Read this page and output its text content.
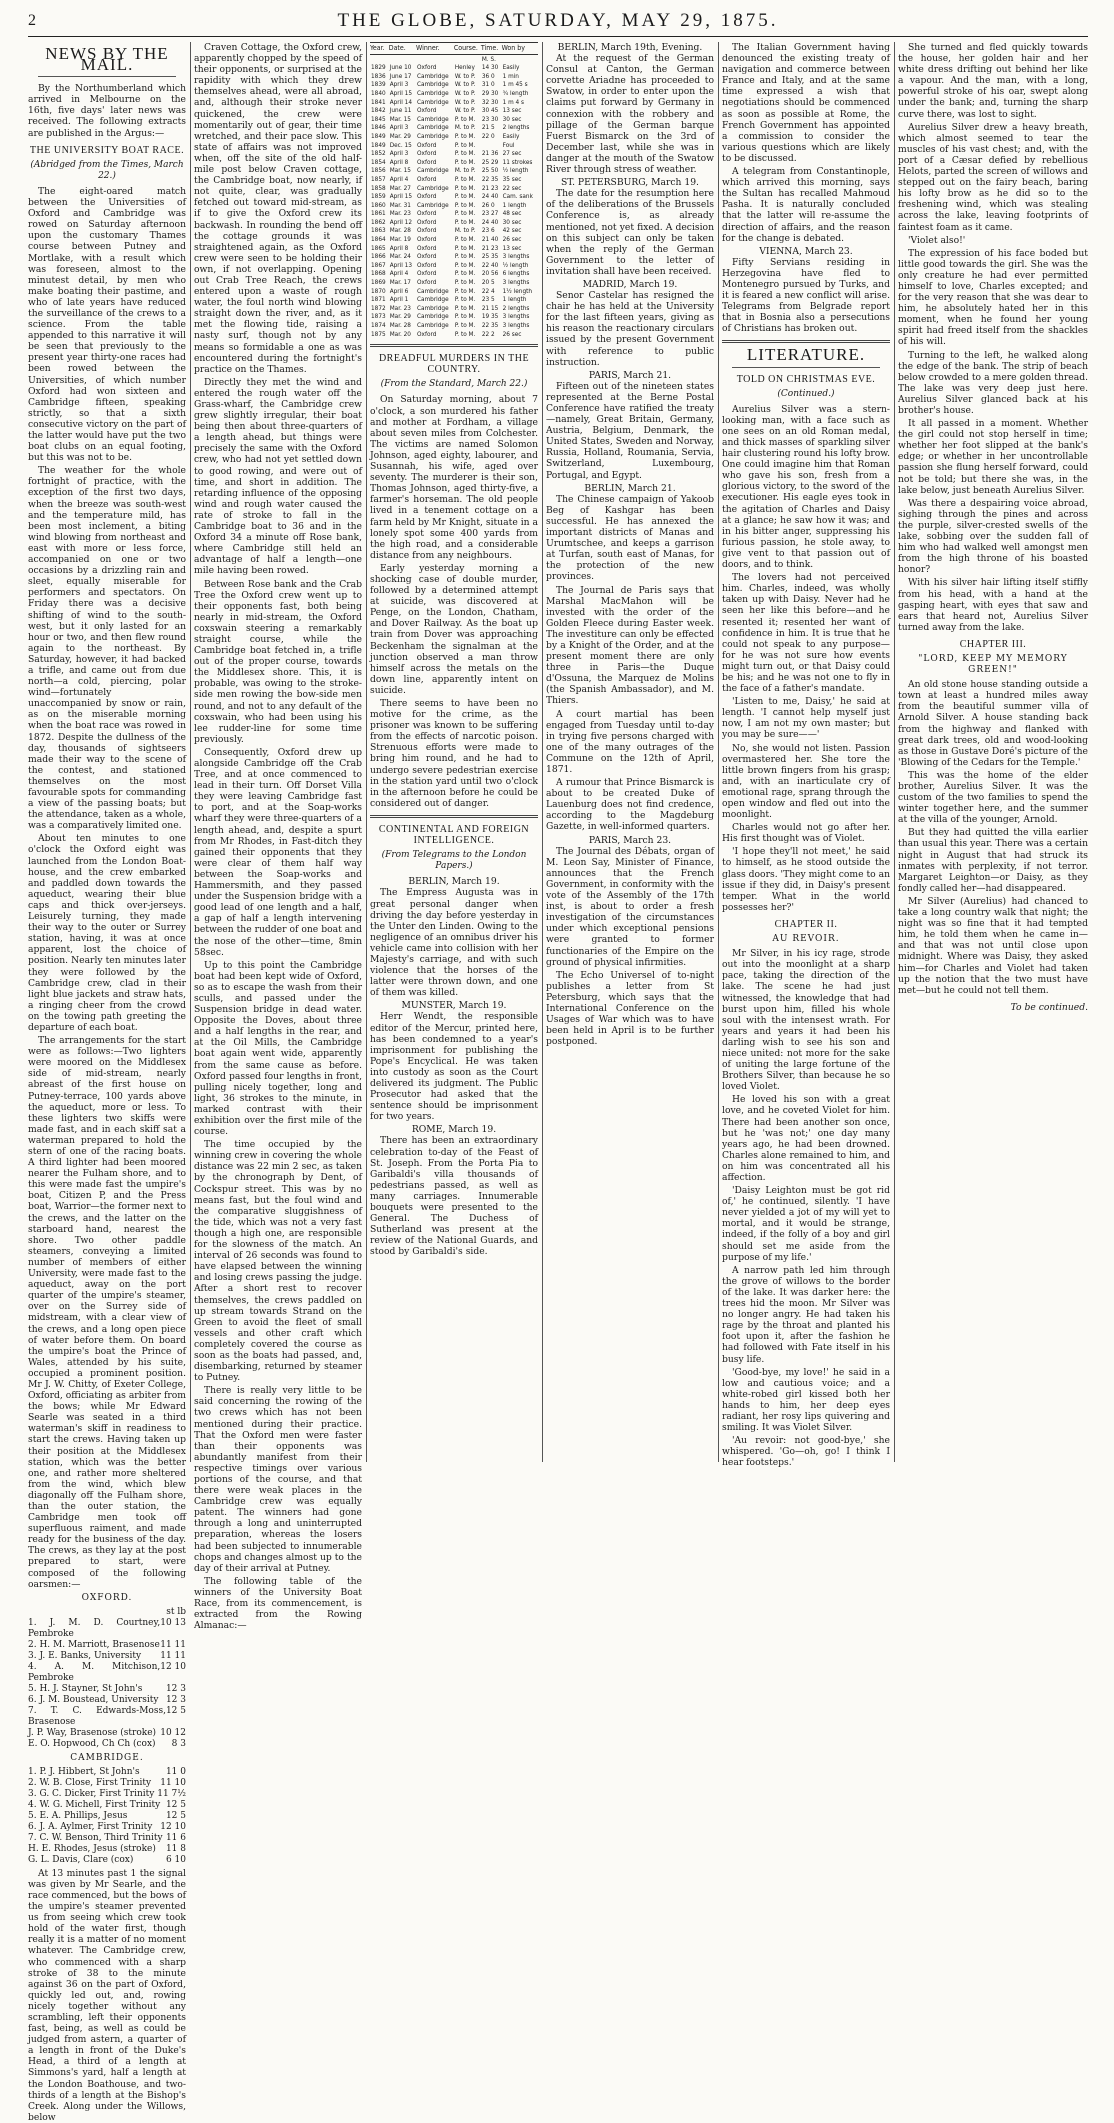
2	THE GLOBE, SATURDAY, MAY 29, 1875.
NEWS BY THE MAIL.

By the Northumberland which arrived in Melbourne on the 16th, five days' later news was received. The following extracts are published in the Argus:—

THE UNIVERSITY BOAT RACE.
(Abridged from the Times, March 22.)

The eight-oared match between the Universities of Oxford and Cambridge was rowed on Saturday afternoon upon the customary Thames course between Putney and Mortlake, with a result which was foreseen, almost to the minutest detail, by men who make boating their pastime, and who of late years have reduced the surveillance of the crews to a science. From the table appended to this narrative it will be seen that previously to the present year thirty-one races had been rowed between the Universities, of which number Oxford had won sixteen and Cambridge fifteen, speaking strictly, so that a sixth consecutive victory on the part of the latter would have put the two boat clubs on an equal footing, but this was not to be.

The weather for the whole fortnight of practice, with the exception of the first two days, when the breeze was south-west and the temperature mild, has been most inclement, a biting wind blowing from northeast and east with more or less force, accompanied on one or two occasions by a drizzling rain and sleet, equally miserable for performers and spectators. On Friday there was a decisive shifting of wind to the south-west, but it only lasted for an hour or two, and then flew round again to the northeast. By Saturday, however, it had backed a trifle, and came out from due north—a cold, piercing, polar wind—fortunately unaccompanied by snow or rain, as on the miserable morning when the boat race was rowed in 1872. Despite the dullness of the day, thousands of sightseers made their way to the scene of the contest, and stationed themselves on the most favourable spots for commanding a view of the passing boats; but the attendance, taken as a whole, was a comparatively limited one.

About ten minutes to one o'clock the Oxford eight was launched from the London Boat-house, and the crew embarked and paddled down towards the aqueduct, wearing their blue caps and thick over-jerseys. Leisurely turning, they made their way to the outer or Surrey station, having, it was at once apparent, lost the choice of position. Nearly ten minutes later they were followed by the Cambridge crew, clad in their light blue jackets and straw hats, a ringing cheer from the crowd on the towing path greeting the departure of each boat.

The arrangements for the start were as follows:—Two lighters were moored on the Middlesex side of mid-stream, nearly abreast of the first house on Putney-terrace, 100 yards above the aqueduct, more or less. To these lighters two skiffs were made fast, and in each skiff sat a waterman prepared to hold the stern of one of the racing boats. A third lighter had been moored nearer the Fulham shore, and to this were made fast the umpire's boat, Citizen P, and the Press boat, Warrior—the former next to the crews, and the latter on the starboard hand, nearest the shore. Two other paddle steamers, conveying a limited number of members of either University, were made fast to the aqueduct, away on the port quarter of the umpire's steamer, over on the Surrey side of midstream, with a clear view of the crews, and a long open piece of water before them. On board the umpire's boat the Prince of Wales, attended by his suite, occupied a prominent position. Mr J. W. Chitty, of Exeter College, Oxford, officiating as arbiter from the bows; while Mr Edward Searle was seated in a third waterman's skiff in readiness to start the crews. Having taken up their position at the Middlesex station, which was the better one, and rather more sheltered from the wind, which blew diagonally off the Fulham shore, than the outer station, the Cambridge men took off superfluous raiment, and made ready for the business of the day. The crews, as they lay at the post prepared to start, were composed of the following oarsmen:—

OXFORD.
st lb
1. J. M. D. Courtney, Pembroke
10 13
2. H. M. Marriott, Brasenose 11 11
3. J. E. Banks, University 11 11
4. A. M. Mitchison, Pembroke
12 10
5. H. J. Stayner, St John's	12 3
6. J. M. Boustead, University 12 3
7. T. C. Edwards-Moss, Brasenose
12 5
J. P. Way, Brasenose (stroke) 10 12
E. O. Hopwood, Ch Ch (cox) 8 3
CAMBRIDGE.
1. P. J. Hibbert, St John's	11 0
2. W. B. Close, First Trinity 11 10
3. G. C. Dicker, First Trinity 11 7½
4. W. G. Michell, First Trinity 12 5
5. E. A. Phillips, Jesus	12 5
6. J. A. Aylmer, First Trinity 12 10
7. C. W. Benson, Third Trinity 11 6
H. E. Rhodes, Jesus (stroke) 11 8
G. L. Davis, Clare (cox)	6 10

At 13 minutes past 1 the signal was given by Mr Searle, and the race commenced, but the bows of the umpire's steamer prevented us from seeing which crew took hold of the water first, though really it is a matter of no moment whatever. The Cambridge crew, who commenced with a sharp stroke of 38 to the minute against 36 on the part of Oxford, quickly led out, and, rowing nicely together without any scrambling, left their opponents fast, being, as well as could be judged from astern, a quarter of a length in front of the Duke's Head, a third of a length at Simmons's yard, half a length at the London Boathouse, and two-thirds of a length at the Bishop's Creek. Along under the Willows, below

Craven Cottage, the Oxford crew, apparently chopped by the speed of their opponents, or surprised at the rapidity with which they drew themselves ahead, were all abroad, and, although their stroke never quickened, the crew were momentarily out of gear, their time wretched, and their pace slow. This state of affairs was not improved when, off the site of the old half-mile post below Craven cottage, the Cambridge boat, now nearly, if not quite, clear, was gradually fetched out toward mid-stream, as if to give the Oxford crew its backwash. In rounding the bend off the cottage grounds it was straightened again, as the Oxford crew were seen to be holding their own, if not overlapping. Opening out Crab Tree Reach, the crews entered upon a waste of rough water, the foul north wind blowing straight down the river, and, as it met the flowing tide, raising a nasty surf, though not by any means so formidable a one as was encountered during the fortnight's practice on the Thames.

Directly they met the wind and entered the rough water off the Grass-wharf, the Cambridge crew grew slightly irregular, their boat being then about three-quarters of a length ahead, but things were precisely the same with the Oxford crew, who had not yet settled down to good rowing, and were out of time, and short in addition. The retarding influence of the opposing wind and rough water caused the rate of stroke to fall in the Cambridge boat to 36 and in the Oxford 34 a minute off Rose bank, where Cambridge still held an advantage of half a length—one mile having been rowed.

Between Rose bank and the Crab Tree the Oxford crew went up to their opponents fast, both being nearly in mid-stream, the Oxford coxswain steering a remarkably straight course, while the Cambridge boat fetched in, a trifle out of the proper course, towards the Middlesex shore. This, it is probable, was owing to the stroke-side men rowing the bow-side men round, and not to any default of the coxswain, who had been using his lee rudder-line for some time previously.

Consequently, Oxford drew up alongside Cambridge off the Crab Tree, and at once commenced to lead in their turn. Off Dorset Villa they were leaving Cambridge fast to port, and at the Soap-works wharf they were three-quarters of a length ahead, and, despite a spurt from Mr Rhodes, in Fast-ditch they gained their opponents that they were clear of them half way between the Soap-works and Hammersmith, and they passed under the Suspension bridge with a good lead of one length and a half, a gap of half a length intervening between the rudder of one boat and the nose of the other—time, 8min 58sec.

Up to this point the Cambridge boat had been kept wide of Oxford, so as to escape the wash from their sculls, and passed under the Suspension bridge in dead water. Opposite the Doves, about three and a half lengths in the rear, and at the Oil Mills, the Cambridge boat again went wide, apparently from the same cause as before. Oxford passed four lengths in front, pulling nicely together, long and light, 36 strokes to the minute, in marked contrast with their exhibition over the first mile of the course.

The time occupied by the winning crew in covering the whole distance was 22 min 2 sec, as taken by the chronograph by Dent, of Cockspur street. This was by no means fast, but the foul wind and the comparative sluggishness of the tide, which was not a very fast though a high one, are responsible for the slowness of the match. An interval of 26 seconds was found to have elapsed between the winning and losing crews passing the judge. After a short rest to recover themselves, the crews paddled on up stream towards Strand on the Green to avoid the fleet of small vessels and other craft which completely covered the course as soon as the boats had passed, and, disembarking, returned by steamer to Putney.

There is really very little to be said concerning the rowing of the two crews which has not been mentioned during their practice. That the Oxford men were faster than their opponents was abundantly manifest from their respective timings over various portions of the course, and that there were weak places in the Cambridge crew was equally patent. The winners had gone through a long and uninterrupted preparation, whereas the losers had been subjected to innumerable chops and changes almost up to the day of their arrival at Putney.

The following table of the winners of the University Boat Race, from its commencement, is extracted from the Rowing Almanac:—

Year.	Date.	Winner.	Course.	Time.	Won by
				M. S.	
1829	June 10	Oxford	Henley	14 30	Easily
1836	June 17	Cambridge	W. to P.	36 0	1 min
1839	April 3	Cambridge	W. to P.	31 0	1 m 45 s
1840	April 15	Cambridge	W. to P.	29 30	¾ length
1841	April 14	Cambridge	W. to P.	32 30	1 m 4 s
1842	June 11	Oxford	W. to P.	30 45	13 sec
1845	Mar. 15	Cambridge	P. to M.	23 30	30 sec
1846	April 3	Cambridge	M. to P.	21 5	2 lengths
1849	Mar. 29	Cambridge	P. to M.	22 0	Easily
1849	Dec. 15	Oxford	P. to M.		Foul
1852	April 3	Oxford	P. to M.	21 36	27 sec
1854	April 8	Oxford	P. to M.	25 29	11 strokes
1856	Mar. 15	Cambridge	M. to P.	25 50	½ length
1857	April 4	Oxford	P. to M.	22 35	35 sec
1858	Mar. 27	Cambridge	P. to M.	21 23	22 sec
1859	April 15	Oxford	P. to M.	24 40	Cam. sank
1860	Mar. 31	Cambridge	P. to M.	26 0	1 length
1861	Mar. 23	Oxford	P. to M.	23 27	48 sec
1862	April 12	Oxford	P. to M.	24 40	30 sec
1863	Mar. 28	Oxford	M. to P.	23 6	42 sec
1864	Mar. 19	Oxford	P. to M.	21 40	26 sec
1865	April 8	Oxford	P. to M.	21 23	13 sec
1866	Mar. 24	Oxford	P. to M.	25 35	3 lengths
1867	April 13	Oxford	P. to M.	22 40	½ length
1868	April 4	Oxford	P. to M.	20 56	6 lengths
1869	Mar. 17	Oxford	P. to M.	20 5	3 lengths
1870	April 6	Cambridge	P. to M.	22 4	1½ length
1871	April 1	Cambridge	P. to M.	23 5	1 length
1872	Mar. 23	Cambridge	P. to M.	21 15	2 lengths
1873	Mar. 29	Cambridge	P. to M.	19 35	3 lengths
1874	Mar. 28	Cambridge	P. to M.	22 35	3 lengths
1875	Mar. 20	Oxford	P. to M.	22 2	26 sec
DREADFUL MURDERS IN THE COUNTRY.
(From the Standard, March 22.)

On Saturday morning, about 7 o'clock, a son murdered his father and mother at Fordham, a village about seven miles from Colchester. The victims are named Solomon Johnson, aged eighty, labourer, and Susannah, his wife, aged over seventy. The murderer is their son, Thomas Johnson, aged thirty-five, a farmer's horseman. The old people lived in a tenement cottage on a farm held by Mr Knight, situate in a lonely spot some 400 yards from the high road, and a considerable distance from any neighbours.

Early yesterday morning a shocking case of double murder, followed by a determined attempt at suicide, was discovered at Penge, on the London, Chatham, and Dover Railway. As the boat up train from Dover was approaching Beckenham the signalman at the junction observed a man throw himself across the metals on the down line, apparently intent on suicide.

There seems to have been no motive for the crime, as the prisoner was known to be suffering from the effects of narcotic poison. Strenuous efforts were made to bring him round, and he had to undergo severe pedestrian exercise in the station yard until two o'clock in the afternoon before he could be considered out of danger.

CONTINENTAL AND FOREIGN INTELLIGENCE.
(From Telegrams to the London Papers.)
BERLIN, March 19.

The Empress Augusta was in great personal danger when driving the day before yesterday in the Unter den Linden. Owing to the negligence of an omnibus driver his vehicle came into collision with her Majesty's carriage, and with such violence that the horses of the latter were thrown down, and one of them was killed.

MUNSTER, March 19.

Herr Wendt, the responsible editor of the Mercur, printed here, has been condemned to a year's imprisonment for publishing the Pope's Encyclical. He was taken into custody as soon as the Court delivered its judgment. The Public Prosecutor had asked that the sentence should be imprisonment for two years.

ROME, March 19.

There has been an extraordinary celebration to-day of the Feast of St. Joseph. From the Porta Pia to Garibaldi's villa thousands of pedestrians passed, as well as many carriages. Innumerable bouquets were presented to the General. The Duchess of Sutherland was present at the review of the National Guards, and stood by Garibaldi's side.

BERLIN, March 19th, Evening.

At the request of the German Consul at Canton, the German corvette Ariadne has proceeded to Swatow, in order to enter upon the claims put forward by Germany in connexion with the robbery and pillage of the German barque Fuerst Bismarck on the 3rd of December last, while she was in danger at the mouth of the Swatow River through stress of weather.

ST. PETERSBURG, March 19.

The date for the resumption here of the deliberations of the Brussels Conference is, as already mentioned, not yet fixed. A decision on this subject can only be taken when the reply of the German Government to the letter of invitation shall have been received.

MADRID, March 19.

Senor Castelar has resigned the chair he has held at the University for the last fifteen years, giving as his reason the reactionary circulars issued by the present Government with reference to public instruction.

PARIS, March 21.

Fifteen out of the nineteen states represented at the Berne Postal Conference have ratified the treaty—namely, Great Britain, Germany, Austria, Belgium, Denmark, the United States, Sweden and Norway, Russia, Holland, Roumania, Servia, Switzerland, Luxembourg, Portugal, and Egypt.

BERLIN, March 21.

The Chinese campaign of Yakoob Beg of Kashgar has been successful. He has annexed the important districts of Manas and Urumtschee, and keeps a garrison at Turfan, south east of Manas, for the protection of the new provinces.

The Journal de Paris says that Marshal MacMahon will be invested with the order of the Golden Fleece during Easter week. The investiture can only be effected by a Knight of the Order, and at the present moment there are only three in Paris—the Duque d'Ossuna, the Marquez de Molins (the Spanish Ambassador), and M. Thiers.

A court martial has been engaged from Tuesday until to-day in trying five persons charged with one of the many outrages of the Commune on the 12th of April, 1871.

A rumour that Prince Bismarck is about to be created Duke of Lauenburg does not find credence, according to the Magdeburg Gazette, in well-informed quarters.

PARIS, March 23.

The Journal des Débats, organ of M. Leon Say, Minister of Finance, announces that the French Government, in conformity with the vote of the Assembly of the 17th inst, is about to order a fresh investigation of the circumstances under which exceptional pensions were granted to former functionaries of the Empire on the ground of physical infirmities.

The Echo Universel of to-night publishes a letter from St Petersburg, which says that the International Conference on the Usages of War which was to have been held in April is to be further postponed.

The Italian Government having denounced the existing treaty of navigation and commerce between France and Italy, and at the same time expressed a wish that negotiations should be commenced as soon as possible at Rome, the French Government has appointed a commission to consider the various questions which are likely to be discussed.

A telegram from Constantinople, which arrived this morning, says the Sultan has recalled Mahmoud Pasha. It is naturally concluded that the latter will re-assume the direction of affairs, and the reason for the change is debated.

VIENNA, March 23.

Fifty Servians residing in Herzegovina have fled to Montenegro pursued by Turks, and it is feared a new conflict will arise. Telegrams from Belgrade report that in Bosnia also a persecutions of Christians has broken out.

LITERATURE.
TOLD ON CHRISTMAS EVE.
(Continued.)

Aurelius Silver was a stern-looking man, with a face such as one sees on an old Roman medal, and thick masses of sparkling silver hair clustering round his lofty brow. One could imagine him that Roman who gave his son, fresh from a glorious victory, to the sword of the executioner. His eagle eyes took in the agitation of Charles and Daisy at a glance; he saw how it was; and in his bitter anger, suppressing his furious passion, he stole away, to give vent to that passion out of doors, and to think.

The lovers had not perceived him. Charles, indeed, was wholly taken up with Daisy. Never had he seen her like this before—and he resented it; resented her want of confidence in him. It is true that he could not speak to any purpose—for he was not sure how events might turn out, or that Daisy could be his; and he was not one to fly in the face of a father's mandate.

'Listen to me, Daisy,' he said at length. 'I cannot help myself just now, I am not my own master; but you may be sure——'

No, she would not listen. Passion overmastered her. She tore the little brown fingers from his grasp; and, with an inarticulate cry of emotional rage, sprang through the open window and fled out into the moonlight.

Charles would not go after her. His first thought was of Violet.

'I hope they'll not meet,' he said to himself, as he stood outside the glass doors. 'They might come to an issue if they did, in Daisy's present temper. What in the world possesses her?'

CHAPTER II.
AU REVOIR.

Mr Silver, in his icy rage, strode out into the moonlight at a sharp pace, taking the direction of the lake. The scene he had just witnessed, the knowledge that had burst upon him, filled his whole soul with the intensest wrath. For years and years it had been his darling wish to see his son and niece united: not more for the sake of uniting the large fortune of the Brothers Silver, than because he so loved Violet.

He loved his son with a great love, and he coveted Violet for him. There had been another son once, but he 'was not;' one day many years ago, he had been drowned. Charles alone remained to him, and on him was concentrated all his affection.

'Daisy Leighton must be got rid of,' he continued, silently. 'I have never yielded a jot of my will yet to mortal, and it would be strange, indeed, if the folly of a boy and girl should set me aside from the purpose of my life.'

A narrow path led him through the grove of willows to the border of the lake. It was darker here: the trees hid the moon. Mr Silver was no longer angry. He had taken his rage by the throat and planted his foot upon it, after the fashion he had followed with Fate itself in his busy life.

'Good-bye, my love!' he said in a low and cautious voice; and a white-robed girl kissed both her hands to him, her deep eyes radiant, her rosy lips quivering and smiling. It was Violet Silver.

'Au revoir: not good-bye,' she whispered. 'Go—oh, go! I think I hear footsteps.'

She turned and fled quickly towards the house, her golden hair and her white dress drifting out behind her like a vapour. And the man, with a long, powerful stroke of his oar, swept along under the bank; and, turning the sharp curve there, was lost to sight.

Aurelius Silver drew a heavy breath, which almost seemed to tear the muscles of his vast chest; and, with the port of a Cæsar defied by rebellious Helots, parted the screen of willows and stepped out on the fairy beach, baring his lofty brow as he did so to the freshening wind, which was stealing across the lake, leaving footprints of faintest foam as it came.

'Violet also!'

The expression of his face boded but little good towards the girl. She was the only creature he had ever permitted himself to love, Charles excepted; and for the very reason that she was dear to him, he absolutely hated her in this moment, when he found her young spirit had freed itself from the shackles of his will.

Turning to the left, he walked along the edge of the bank. The strip of beach below crowded to a mere golden thread. The lake was very deep just here. Aurelius Silver glanced back at his brother's house.

It all passed in a moment. Whether the girl could not stop herself in time; whether her foot slipped at the bank's edge; or whether in her uncontrollable passion she flung herself forward, could not be told; but there she was, in the lake below, just beneath Aurelius Silver.

Was there a despairing voice abroad, sighing through the pines and across the purple, silver-crested swells of the lake, sobbing over the sudden fall of him who had walked well amongst men from the high throne of his boasted honor?

With his silver hair lifting itself stiffly from his head, with a hand at the gasping heart, with eyes that saw and ears that heard not, Aurelius Silver turned away from the lake.

CHAPTER III.
"LORD, KEEP MY MEMORY GREEN!"

An old stone house standing outside a town at least a hundred miles away from the beautiful summer villa of Arnold Silver. A house standing back from the highway and flanked with great dark trees, old and wood-looking as those in Gustave Doré's picture of the 'Blowing of the Cedars for the Temple.'

This was the home of the elder brother, Aurelius Silver. It was the custom of the two families to spend the winter together here, and the summer at the villa of the younger, Arnold.

But they had quitted the villa earlier than usual this year. There was a certain night in August that had struck its inmates with perplexity, if not terror. Margaret Leighton—or Daisy, as they fondly called her—had disappeared.

Mr Silver (Aurelius) had chanced to take a long country walk that night; the night was so fine that it had tempted him, he told them when he came in—and that was not until close upon midnight. Where was Daisy, they asked him—for Charles and Violet had taken up the notion that the two must have met—but he could not tell them.

To be continued.
